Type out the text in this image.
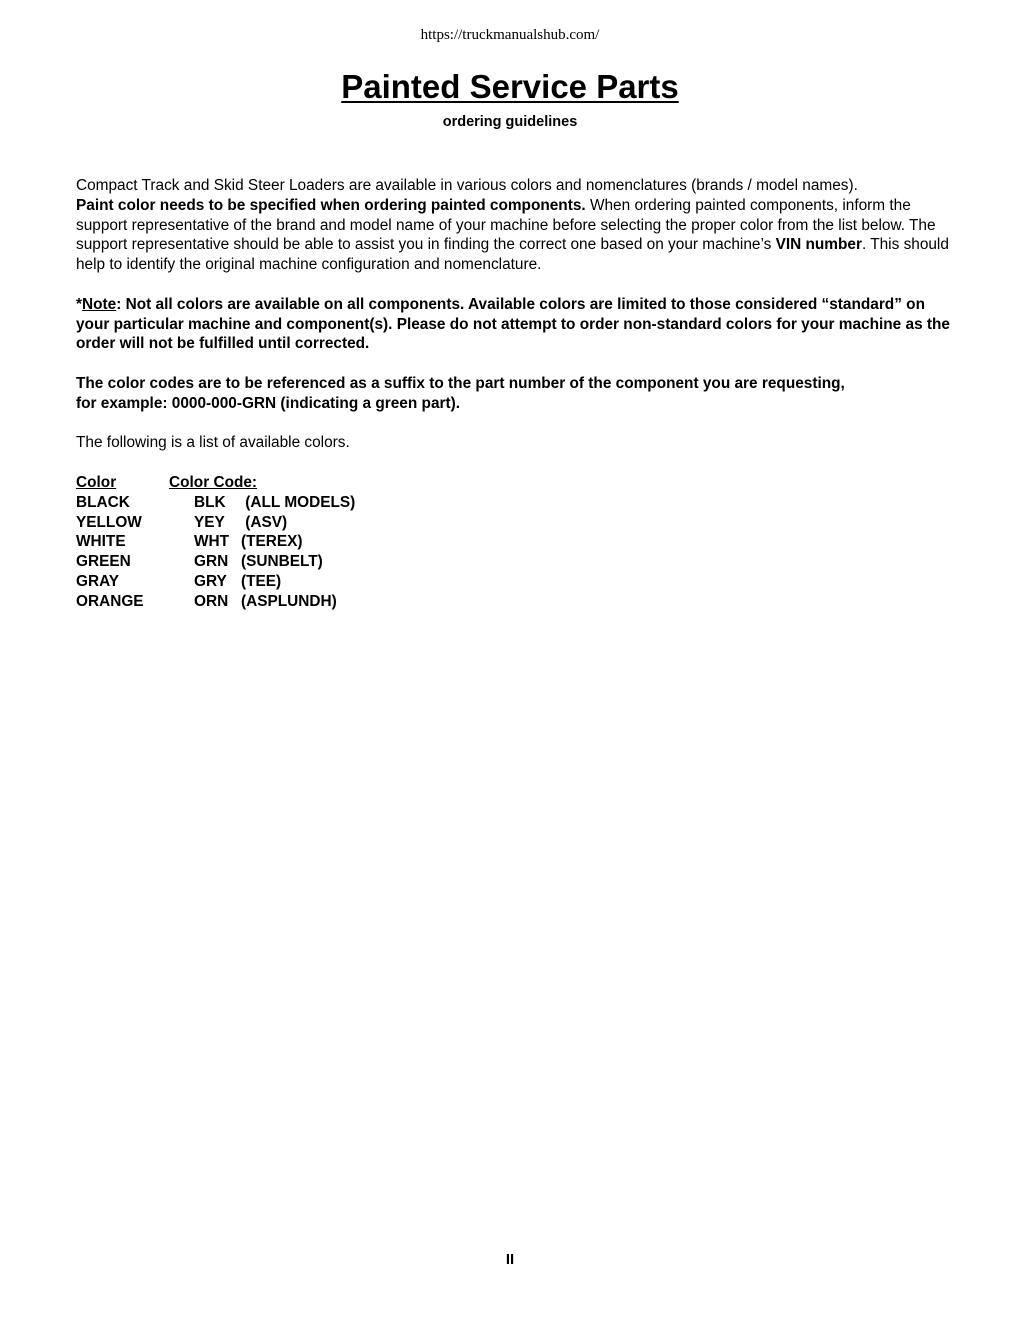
https://truckmanualshub.com/
Painted Service Parts
ordering guidelines

Compact Track and Skid Steer Loaders are available in various colors and nomenclatures (brands / model names).
Paint color needs to be specified when ordering painted components. When ordering painted components, inform the support representative of the brand and model name of your machine before selecting the proper color from the list below. The support representative should be able to assist you in finding the correct one based on your machine’s VIN number. This should help to identify the original machine configuration and nomenclature.

*Note: Not all colors are available on all components. Available colors are limited to those considered “standard” on your particular machine and component(s). Please do not attempt to order non-standard colors for your machine as the order will not be fulfilled until corrected.

The color codes are to be referenced as a suffix to the part number of the component you are requesting,
for example: 0000-000-GRN (indicating a green part).

The following is a list of available colors.

Color	Color Code:
BLACK	BLK (ALL MODELS)
YELLOW	YEY	(ASV)
WHITE	WHT (TEREX)
GREEN	GRN (SUNBELT)
GRAY	GRY (TEE)
ORANGE	ORN (ASPLUNDH)
II
